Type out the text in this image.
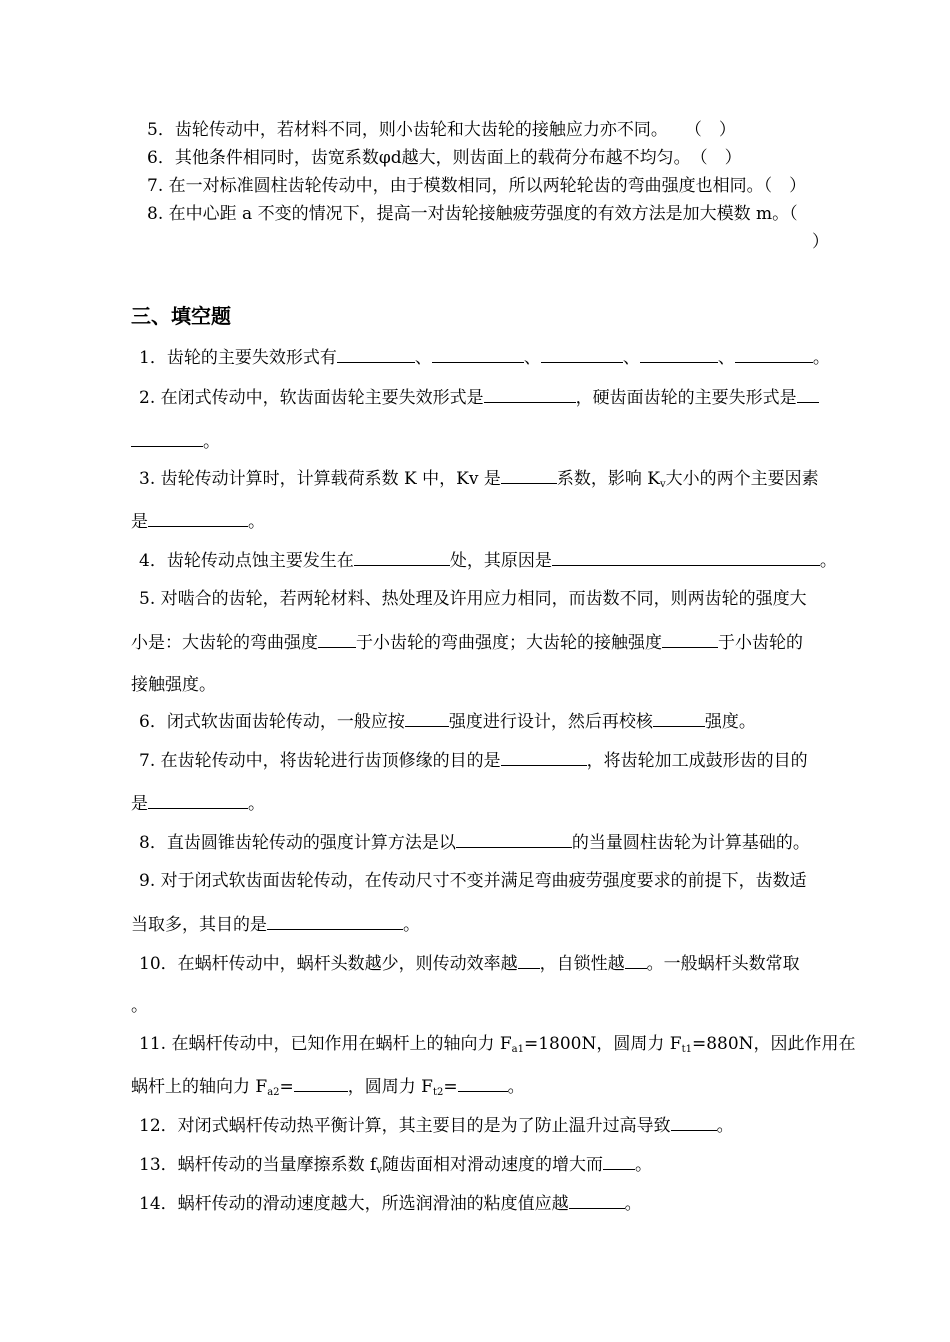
5．齿轮传动中，若材料不同，则小齿轮和大齿轮的接触应力亦不同。　　（　）
6．其他条件相同时，齿宽系数φd越大，则齿面上的载荷分布越不均匀。　（　）
7. 在一对标准圆柱齿轮传动中，由于模数相同，所以两轮轮齿的弯曲强度也相同。（　）
8. 在中心距 a 不变的情况下，提高一对齿轮接触疲劳强度的有效方法是加大模数 m。（
）
三、填空题
1．齿轮的主要失效形式有	、	、	、	、	。
2. 在闭式传动中，软齿面齿轮主要失效形式是	，硬齿面齿轮的主要失形式是
。
3. 齿轮传动计算时，计算载荷系数 K 中，Kv 是	系数，影响 $K_v$大小的两个主要因素
是	。
4．齿轮传动点蚀主要发生在	处，其原因是	。
5. 对啮合的齿轮，若两轮材料、热处理及许用应力相同，而齿数不同，则两齿轮的强度大
小是：大齿轮的弯曲强度 于小齿轮的弯曲强度；大齿轮的接触强度	于小齿轮的
接触强度。
6．闭式软齿面齿轮传动，一般应按	强度进行设计，然后再校核	强度。
7. 在齿轮传动中，将齿轮进行齿顶修缘的目的是	，将齿轮加工成鼓形齿的目的
是	。
8．直齿圆锥齿轮传动的强度计算方法是以	的当量圆柱齿轮为计算基础的。
9. 对于闭式软齿面齿轮传动，在传动尺寸不变并满足弯曲疲劳强度要求的前提下，齿数适
当取多，其目的是	。
10．在蜗杆传动中，蜗杆头数越少，则传动效率越 ，自锁性越 。一般蜗杆头数常取
。
11. 在蜗杆传动中，已知作用在蜗杆上的轴向力 $F_{a1}=1800N$，圆周力 $F_{t1}=880N$，因此作用在
蜗杆上的轴向力 $F_{a2}=$	，圆周力 $F_{t2}=$	。
12．对闭式蜗杆传动热平衡计算，其主要目的是为了防止温升过高导致	。
13．蜗杆传动的当量摩擦系数 $f_v$随齿面相对滑动速度的增大而 。
14．蜗杆传动的滑动速度越大，所选润滑油的粘度值应越	。
